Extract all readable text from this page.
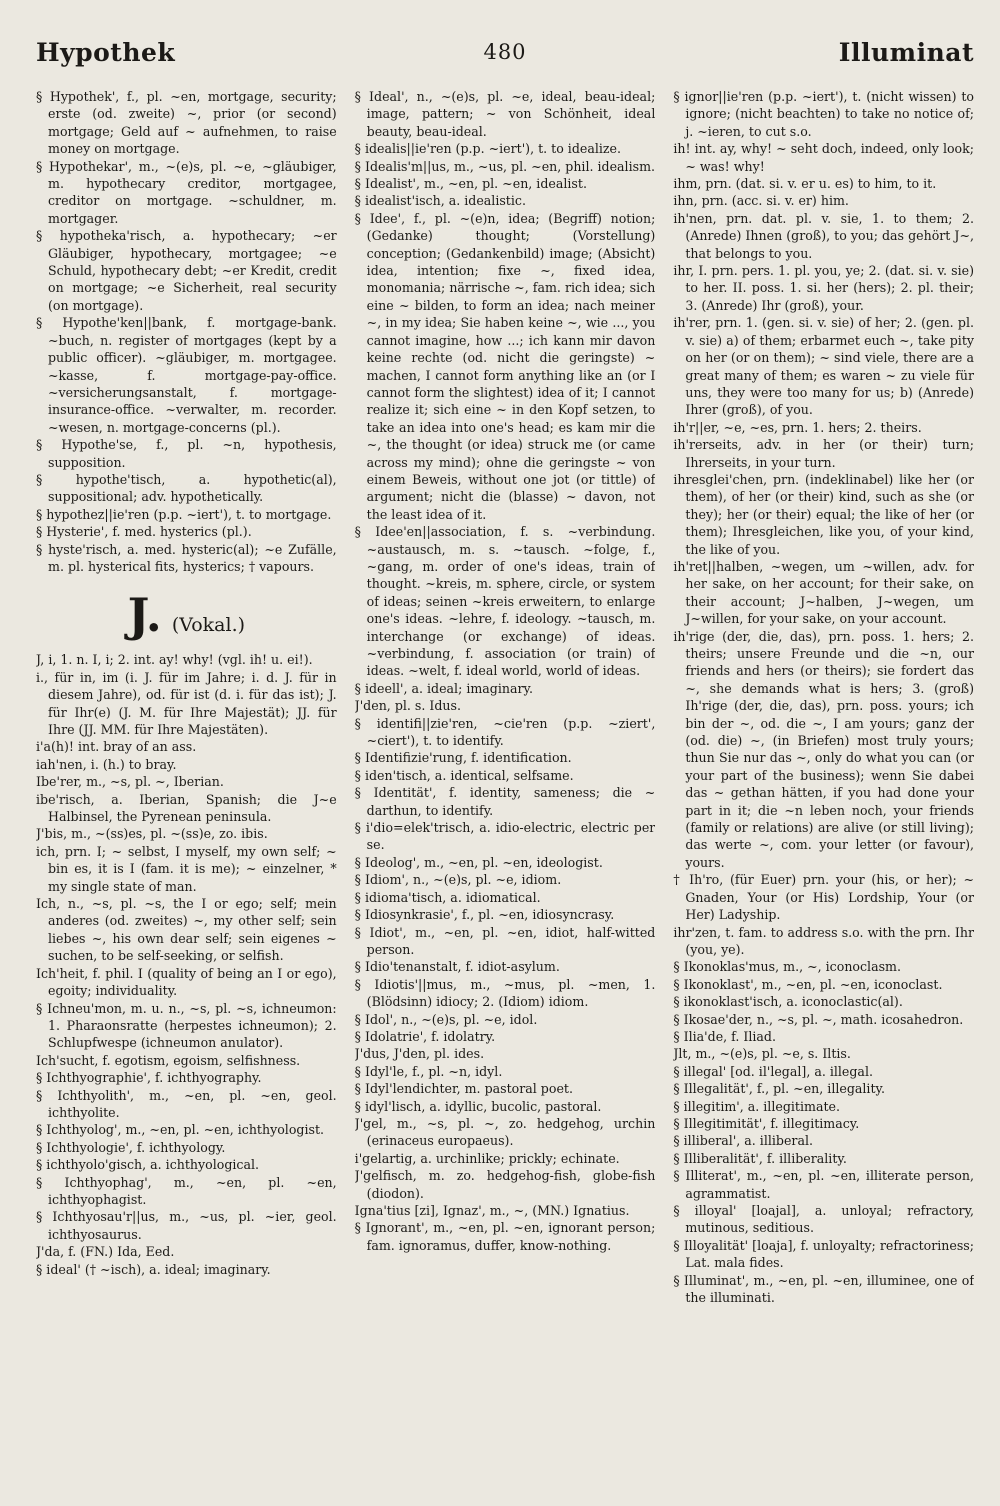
Hypothek	480	Illuminat

§ Hypothek', f., pl. ~en, mortgage, security; erste (od. zweite) ~, prior (or second) mortgage; Geld auf ~ aufnehmen, to raise money on mortgage.

§ Hypothekar', m., ~(e)s, pl. ~e, ~gläubiger, m. hypothecary creditor, mortgagee, creditor on mortgage. ~schuldner, m. mortgager.

§ hypotheka'risch, a. hypothecary; ~er Gläubiger, hypothecary, mortgagee; ~e Schuld, hypothecary debt; ~er Kredit, credit on mortgage; ~e Sicherheit, real security (on mortgage).

§ Hypothe'ken||bank, f. mortgage-bank. ~buch, n. register of mortgages (kept by a public officer). ~gläubiger, m. mortgagee. ~kasse, f. mortgage-pay-office. ~versicherungsanstalt, f. mortgage-insurance-office. ~verwalter, m. recorder. ~wesen, n. mortgage-concerns (pl.).

§ Hypothe'se, f., pl. ~n, hypothesis, supposition.

§ hypothe'tisch, a. hypothetic(al), suppositional; adv. hypothetically.

§ hypothez||ie'ren (p.p. ~iert'), t. to mortgage.

§ Hysterie', f. med. hysterics (pl.).

§ hyste'risch, a. med. hysteric(al); ~e Zufälle, m. pl. hysterical fits, hysterics; † vapours.

J. (Vokal.)

J, i, 1. n. I, i; 2. int. ay! why! (vgl. ih! u. ei!).

i., für in, im (i. J. für im Jahre; i. d. J. für in diesem Jahre), od. für ist (d. i. für das ist); J. für Ihr(e) (J. M. für Ihre Majestät); JJ. für Ihre (JJ. MM. für Ihre Majestäten).

i'a(h)! int. bray of an ass.

iah'nen, i. (h.) to bray.

Ibe'rer, m., ~s, pl. ~, Iberian.

ibe'risch, a. Iberian, Spanish; die J~e Halbinsel, the Pyrenean peninsula.

J'bis, m., ~(ss)es, pl. ~(ss)e, zo. ibis.

ich, prn. I; ~ selbst, I myself, my own self; ~ bin es, it is I (fam. it is me); ~ einzelner, * my single state of man.

Ich, n., ~s, pl. ~s, the I or ego; self; mein anderes (od. zweites) ~, my other self; sein liebes ~, his own dear self; sein eigenes ~ suchen, to be self-seeking, or selfish.

Ich'heit, f. phil. I (quality of being an I or ego), egoity; individuality.

§ Ichneu'mon, m. u. n., ~s, pl. ~s, ichneumon: 1. Pharaonsratte (herpestes ichneumon); 2. Schlupfwespe (ichneumon anulator).

Ich'sucht, f. egotism, egoism, selfishness.

§ Ichthyographie', f. ichthyography.

§ Ichthyolith', m., ~en, pl. ~en, geol. ichthyolite.

§ Ichthyolog', m., ~en, pl. ~en, ichthyologist.

§ Ichthyologie', f. ichthyology.

§ ichthyolo'gisch, a. ichthyological.

§ Ichthyophag', m., ~en, pl. ~en, ichthyophagist.

§ Ichthyosau'r||us, m., ~us, pl. ~ier, geol. ichthyosaurus.

J'da, f. (FN.) Ida, Eed.

§ ideal' († ~isch), a. ideal; imaginary.

§ Ideal', n., ~(e)s, pl. ~e, ideal, beau-ideal; image, pattern; ~ von Schönheit, ideal beauty, beau-ideal.

§ idealis||ie'ren (p.p. ~iert'), t. to idealize.

§ Idealis'm||us, m., ~us, pl. ~en, phil. idealism.

§ Idealist', m., ~en, pl. ~en, idealist.

§ idealist'isch, a. idealistic.

§ Idee', f., pl. ~(e)n, idea; (Begriff) notion; (Gedanke) thought; (Vorstellung) conception; (Gedankenbild) image; (Absicht) idea, intention; fixe ~, fixed idea, monomania; närrische ~, fam. rich idea; sich eine ~ bilden, to form an idea; nach meiner ~, in my idea; Sie haben keine ~, wie ..., you cannot imagine, how ...; ich kann mir davon keine rechte (od. nicht die geringste) ~ machen, I cannot form anything like an (or I cannot form the slightest) idea of it; I cannot realize it; sich eine ~ in den Kopf setzen, to take an idea into one's head; es kam mir die ~, the thought (or idea) struck me (or came across my mind); ohne die geringste ~ von einem Beweis, without one jot (or tittle) of argument; nicht die (blasse) ~ davon, not the least idea of it.

§ Idee'en||association, f. s. ~verbindung. ~austausch, m. s. ~tausch. ~folge, f., ~gang, m. order of one's ideas, train of thought. ~kreis, m. sphere, circle, or system of ideas; seinen ~kreis erweitern, to enlarge one's ideas. ~lehre, f. ideology. ~tausch, m. interchange (or exchange) of ideas. ~verbindung, f. association (or train) of ideas. ~welt, f. ideal world, world of ideas.

§ ideell', a. ideal; imaginary.

J'den, pl. s. Idus.

§ identifi||zie'ren, ~cie'ren (p.p. ~ziert', ~ciert'), t. to identify.

§ Identifizie'rung, f. identification.

§ iden'tisch, a. identical, selfsame.

§ Identität', f. identity, sameness; die ~ darthun, to identify.

§ i'dio=elek'trisch, a. idio-electric, electric per se.

§ Ideolog', m., ~en, pl. ~en, ideologist.

§ Idiom', n., ~(e)s, pl. ~e, idiom.

§ idioma'tisch, a. idiomatical.

§ Idiosynkrasie', f., pl. ~en, idiosyncrasy.

§ Idiot', m., ~en, pl. ~en, idiot, half-witted person.

§ Idio'tenanstalt, f. idiot-asylum.

§ Idiotis'||mus, m., ~mus, pl. ~men, 1. (Blödsinn) idiocy; 2. (Idiom) idiom.

§ Idol', n., ~(e)s, pl. ~e, idol.

§ Idolatrie', f. idolatry.

J'dus, J'den, pl. ides.

§ Idyl'le, f., pl. ~n, idyl.

§ Idyl'lendichter, m. pastoral poet.

§ idyl'lisch, a. idyllic, bucolic, pastoral.

J'gel, m., ~s, pl. ~, zo. hedgehog, urchin (erinaceus europaeus).

i'gelartig, a. urchinlike; prickly; echinate.

J'gelfisch, m. zo. hedgehog-fish, globe-fish (diodon).

Igna'tius [zi], Ignaz', m., ~, (MN.) Ignatius.

§ Ignorant', m., ~en, pl. ~en, ignorant person; fam. ignoramus, duffer, know-nothing.

§ ignor||ie'ren (p.p. ~iert'), t. (nicht wissen) to ignore; (nicht beachten) to take no notice of; j. ~ieren, to cut s.o.

ih! int. ay, why! ~ seht doch, indeed, only look; ~ was! why!

ihm, prn. (dat. si. v. er u. es) to him, to it.

ihn, prn. (acc. si. v. er) him.

ih'nen, prn. dat. pl. v. sie, 1. to them; 2. (Anrede) Ihnen (groß), to you; das gehört J~, that belongs to you.

ihr, I. prn. pers. 1. pl. you, ye; 2. (dat. si. v. sie) to her. II. poss. 1. si. her (hers); 2. pl. their; 3. (Anrede) Ihr (groß), your.

ih'rer, prn. 1. (gen. si. v. sie) of her; 2. (gen. pl. v. sie) a) of them; erbarmet euch ~, take pity on her (or on them); ~ sind viele, there are a great many of them; es waren ~ zu viele für uns, they were too many for us; b) (Anrede) Ihrer (groß), of you.

ih'r||er, ~e, ~es, prn. 1. hers; 2. theirs.

ih'rerseits, adv. in her (or their) turn; Ihrerseits, in your turn.

ihresglei'chen, prn. (indeklinabel) like her (or them), of her (or their) kind, such as she (or they); her (or their) equal; the like of her (or them); Ihresgleichen, like you, of your kind, the like of you.

ih'ret||halben, ~wegen, um ~willen, adv. for her sake, on her account; for their sake, on their account; J~halben, J~wegen, um J~willen, for your sake, on your account.

ih'rige (der, die, das), prn. poss. 1. hers; 2. theirs; unsere Freunde und die ~n, our friends and hers (or theirs); sie fordert das ~, she demands what is hers; 3. (groß) Ih'rige (der, die, das), prn. poss. yours; ich bin der ~, od. die ~, I am yours; ganz der (od. die) ~, (in Briefen) most truly yours; thun Sie nur das ~, only do what you can (or your part of the business); wenn Sie dabei das ~ gethan hätten, if you had done your part in it; die ~n leben noch, your friends (family or relations) are alive (or still living); das werte ~, com. your letter (or favour), yours.

† Ih'ro, (für Euer) prn. your (his, or her); ~ Gnaden, Your (or His) Lordship, Your (or Her) Ladyship.

ihr'zen, t. fam. to address s.o. with the prn. Ihr (you, ye).

§ Ikonoklas'mus, m., ~, iconoclasm.

§ Ikonoklast', m., ~en, pl. ~en, iconoclast.

§ ikonoklast'isch, a. iconoclastic(al).

§ Ikosae'der, n., ~s, pl. ~, math. icosahedron.

§ Ilia'de, f. Iliad.

Jlt, m., ~(e)s, pl. ~e, s. Iltis.

§ illegal' [od. il'legal], a. illegal.

§ Illegalität', f., pl. ~en, illegality.

§ illegitim', a. illegitimate.

§ Illegitimität', f. illegitimacy.

§ illiberal', a. illiberal.

§ Illiberalität', f. illiberality.

§ Illiterat', m., ~en, pl. ~en, illiterate person, agrammatist.

§ illoyal' [loajal], a. unloyal; refractory, mutinous, seditious.

§ Illoyalität' [loaja], f. unloyalty; refractoriness; Lat. mala fides.

§ Illuminat', m., ~en, pl. ~en, illuminee, one of the illuminati.
